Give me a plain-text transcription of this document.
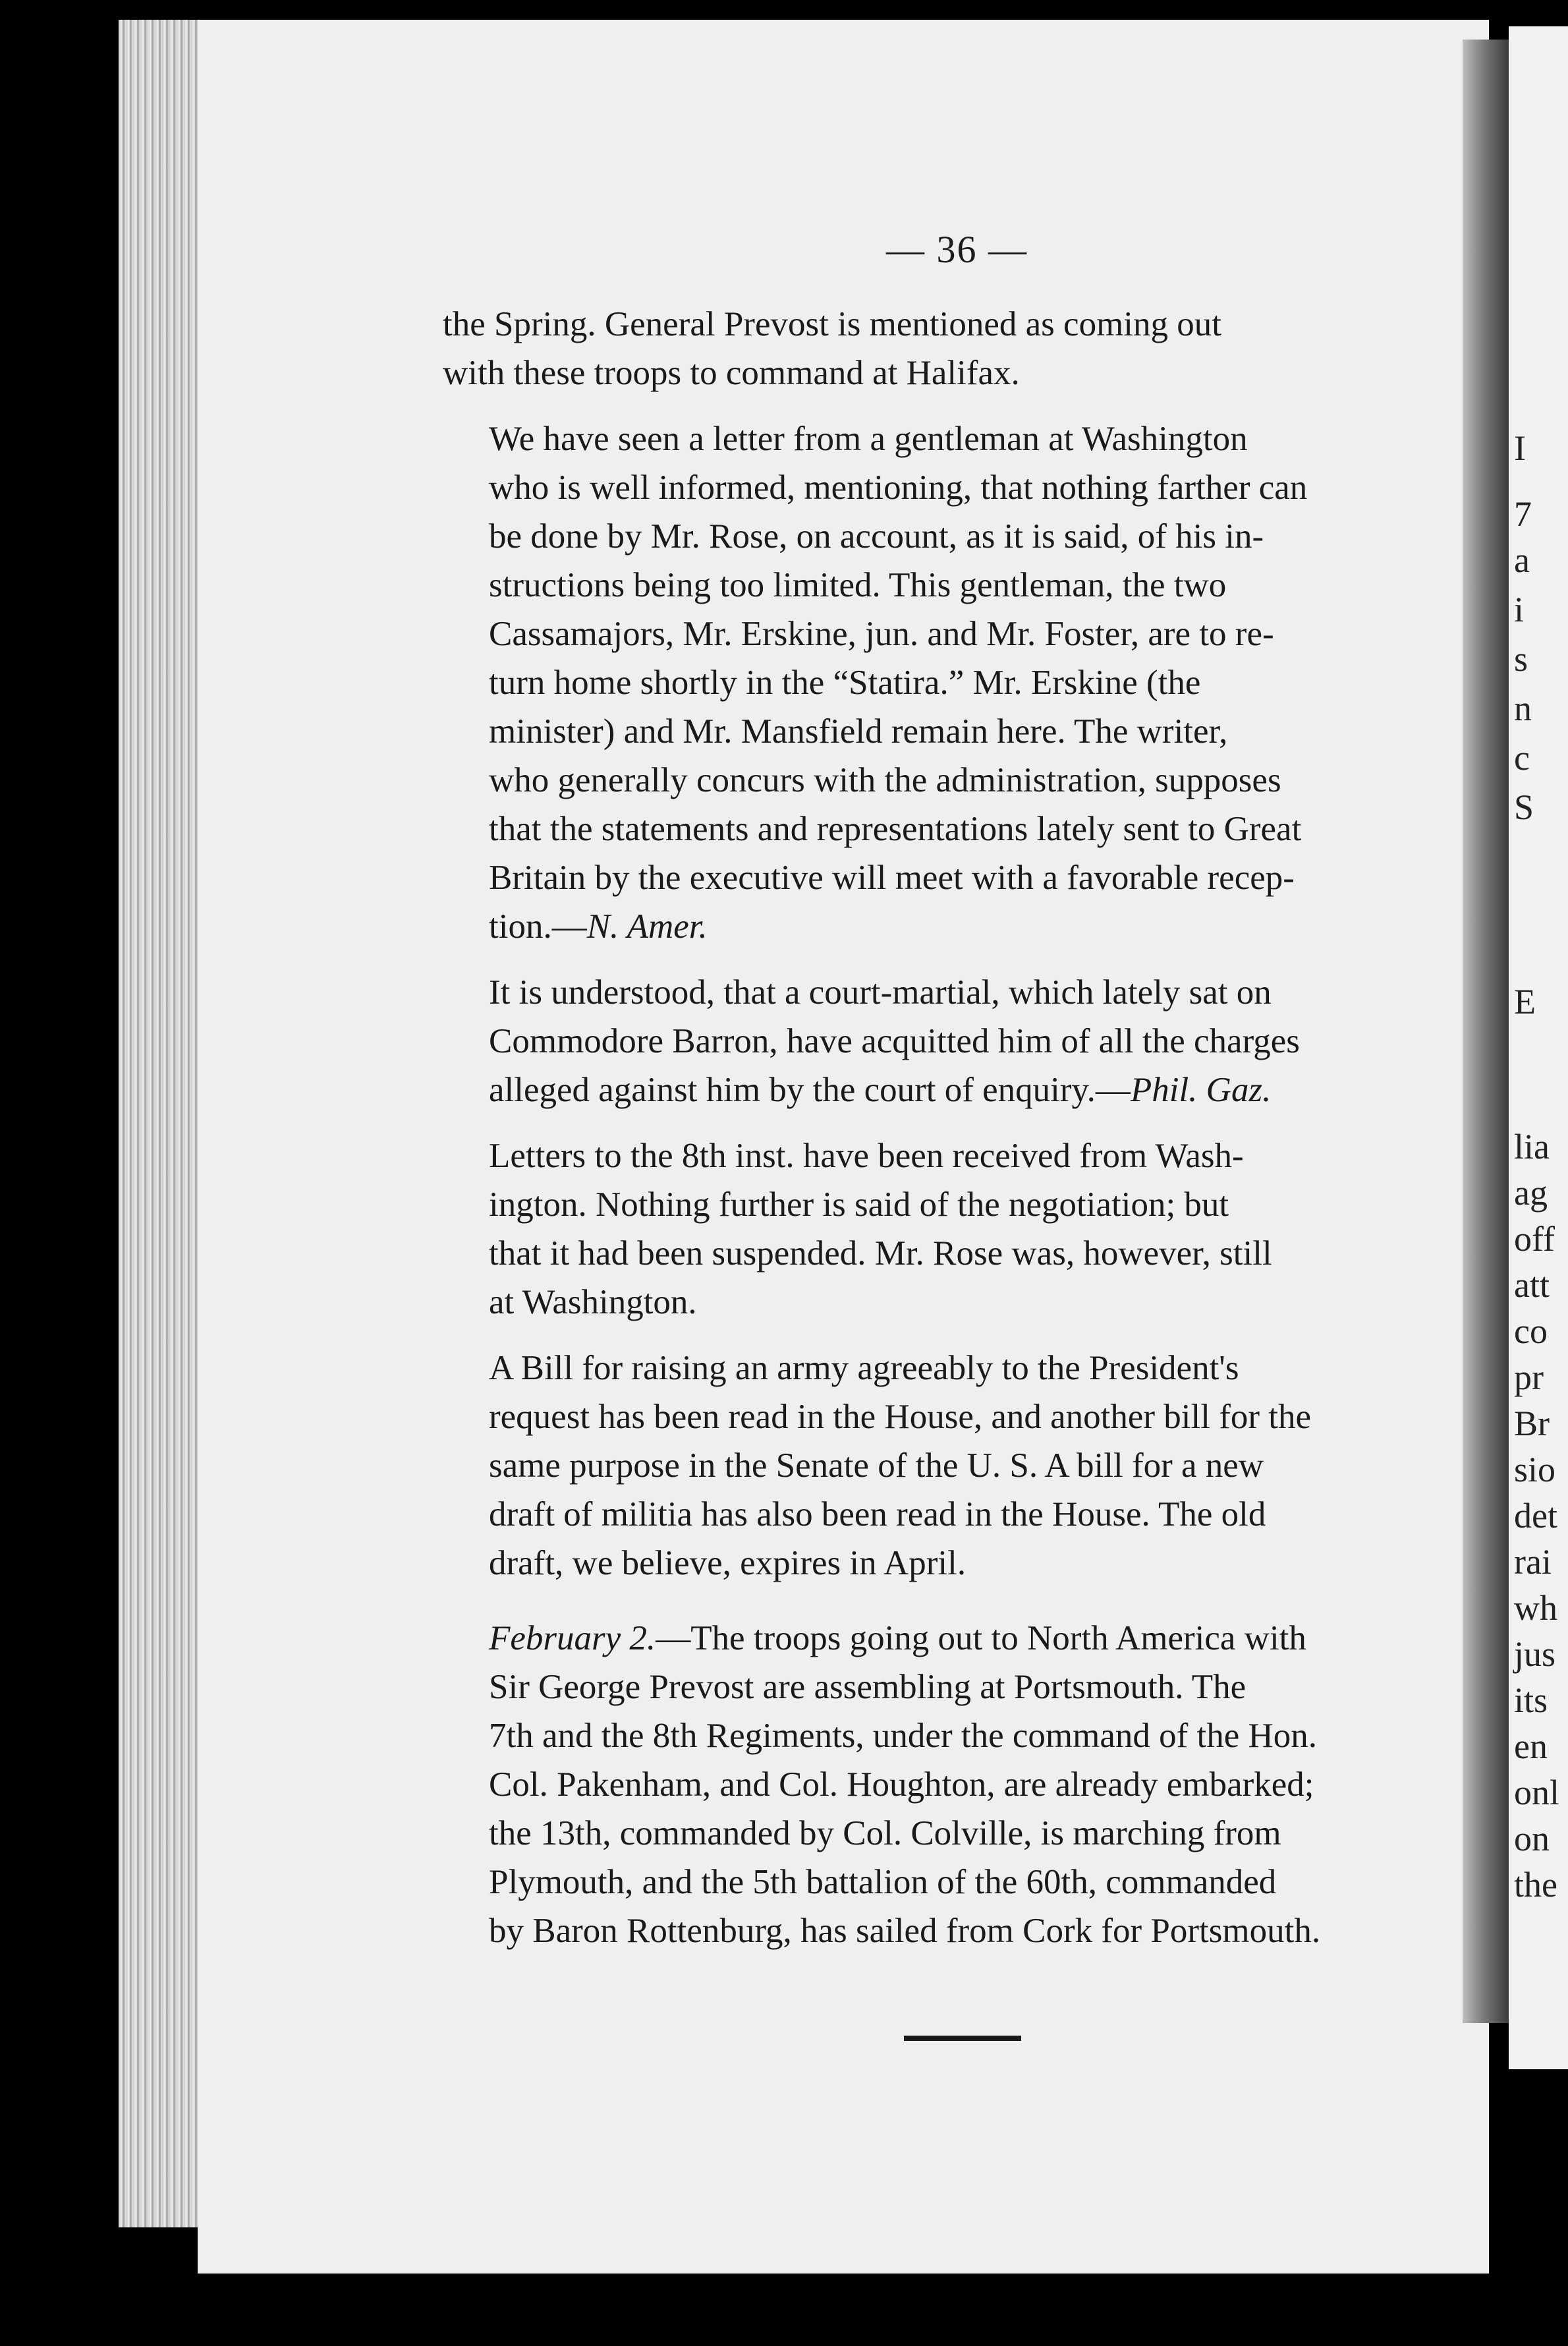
I
7
a
i
s
n
c
S
E
lia
ag
off
att
co
pr
Br
sio
det
rai
wh
jus
its
en
onl
on
the
— 36 —
the Spring. General Prevost is mentioned as coming out
with these troops to command at Halifax.
We have seen a letter from a gentleman at Washington
who is well informed, mentioning, that nothing farther can
be done by Mr. Rose, on account, as it is said, of his in-
structions being too limited. This gentleman, the two
Cassamajors, Mr. Erskine, jun. and Mr. Foster, are to re-
turn home shortly in the “Statira.” Mr. Erskine (the
minister) and Mr. Mansfield remain here. The writer,
who generally concurs with the administration, supposes
that the statements and representations lately sent to Great
Britain by the executive will meet with a favorable recep-
tion.—N. Amer.
It is understood, that a court-martial, which lately sat on
Commodore Barron, have acquitted him of all the charges
alleged against him by the court of enquiry.—Phil. Gaz.
Letters to the 8th inst. have been received from Wash-
ington. Nothing further is said of the negotiation; but
that it had been suspended. Mr. Rose was, however, still
at Washington.
A Bill for raising an army agreeably to the President's
request has been read in the House, and another bill for the
same purpose in the Senate of the U. S. A bill for a new
draft of militia has also been read in the House. The old
draft, we believe, expires in April.
February 2.—The troops going out to North America with
Sir George Prevost are assembling at Portsmouth. The
7th and the 8th Regiments, under the command of the Hon.
Col. Pakenham, and Col. Houghton, are already embarked;
the 13th, commanded by Col. Colville, is marching from
Plymouth, and the 5th battalion of the 60th, commanded
by Baron Rottenburg, has sailed from Cork for Portsmouth.
